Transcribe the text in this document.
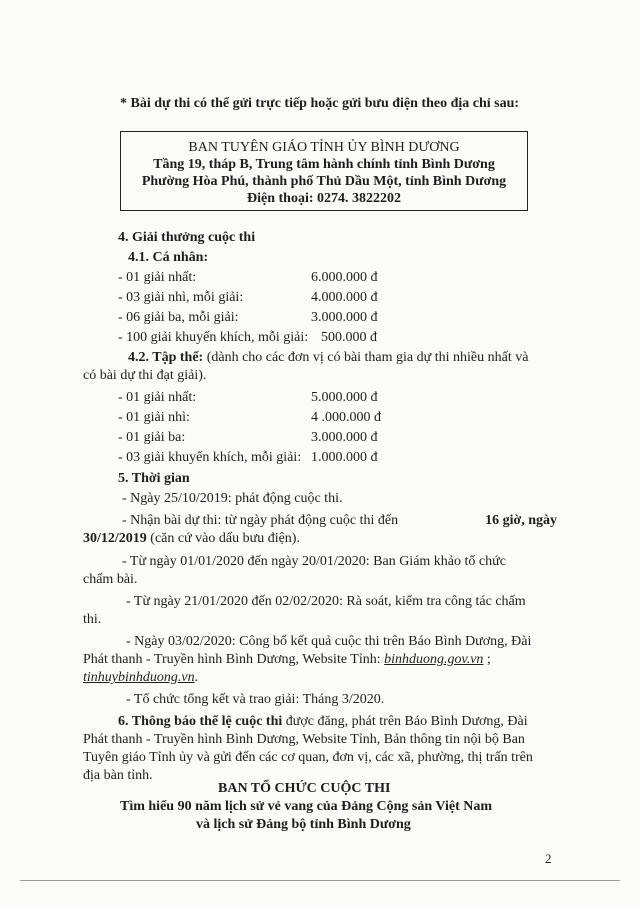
* Bài dự thi có thể gửi trực tiếp hoặc gửi bưu điện theo địa chỉ sau:
BAN TUYÊN GIÁO TỈNH ỦY BÌNH DƯƠNG
Tầng 19, tháp B, Trung tâm hành chính tỉnh Bình Dương
Phường Hòa Phú, thành phố Thủ Dầu Một, tỉnh Bình Dương
Điện thoại: 0274. 3822202
4. Giải thưởng cuộc thi
4.1. Cá nhân:
- 01 giải nhất:	6.000.000 đ
- 03 giải nhì, mỗi giải:	4.000.000 đ
- 06 giải ba, mỗi giải:	3.000.000 đ
- 100 giải khuyến khích, mỗi giải: 500.000 đ
4.2. Tập thể: (dành cho các đơn vị có bài tham gia dự thi nhiều nhất và
có bài dự thi đạt giải).
- 01 giải nhất:	5.000.000 đ
- 01 giải nhì:	4 .000.000 đ
- 01 giải ba:	3.000.000 đ
- 03 giải khuyến khích, mỗi giải: 1.000.000 đ
5. Thời gian
- Ngày 25/10/2019: phát động cuộc thi.
- Nhận bài dự thi: từ ngày phát động cuộc thi đến	16 giờ, ngày
30/12/2019 (căn cứ vào dấu bưu điện).
- Từ ngày 01/01/2020 đến ngày 20/01/2020: Ban Giám khảo tổ chức
chấm bài.
- Từ ngày 21/01/2020 đến 02/02/2020: Rà soát, kiểm tra công tác chấm
thi.
- Ngày 03/02/2020: Công bố kết quả cuộc thi trên Báo Bình Dương, Đài
Phát thanh - Truyền hình Bình Dương, Website Tỉnh: binhduong.gov.vn ;
tinhuybinhduong.vn.
- Tổ chức tổng kết và trao giải: Tháng 3/2020.
6. Thông báo thể lệ cuộc thi được đăng, phát trên Báo Bình Dương, Đài
Phát thanh - Truyền hình Bình Dương, Website Tỉnh, Bản thông tin nội bộ Ban
Tuyên giáo Tỉnh ủy và gửi đến các cơ quan, đơn vị, các xã, phường, thị trấn trên
địa bàn tỉnh.
BAN TỔ CHỨC CUỘC THI
Tìm hiểu 90 năm lịch sử vẻ vang của Đảng Cộng sản Việt Nam
và lịch sử Đảng bộ tỉnh Bình Dương
2
